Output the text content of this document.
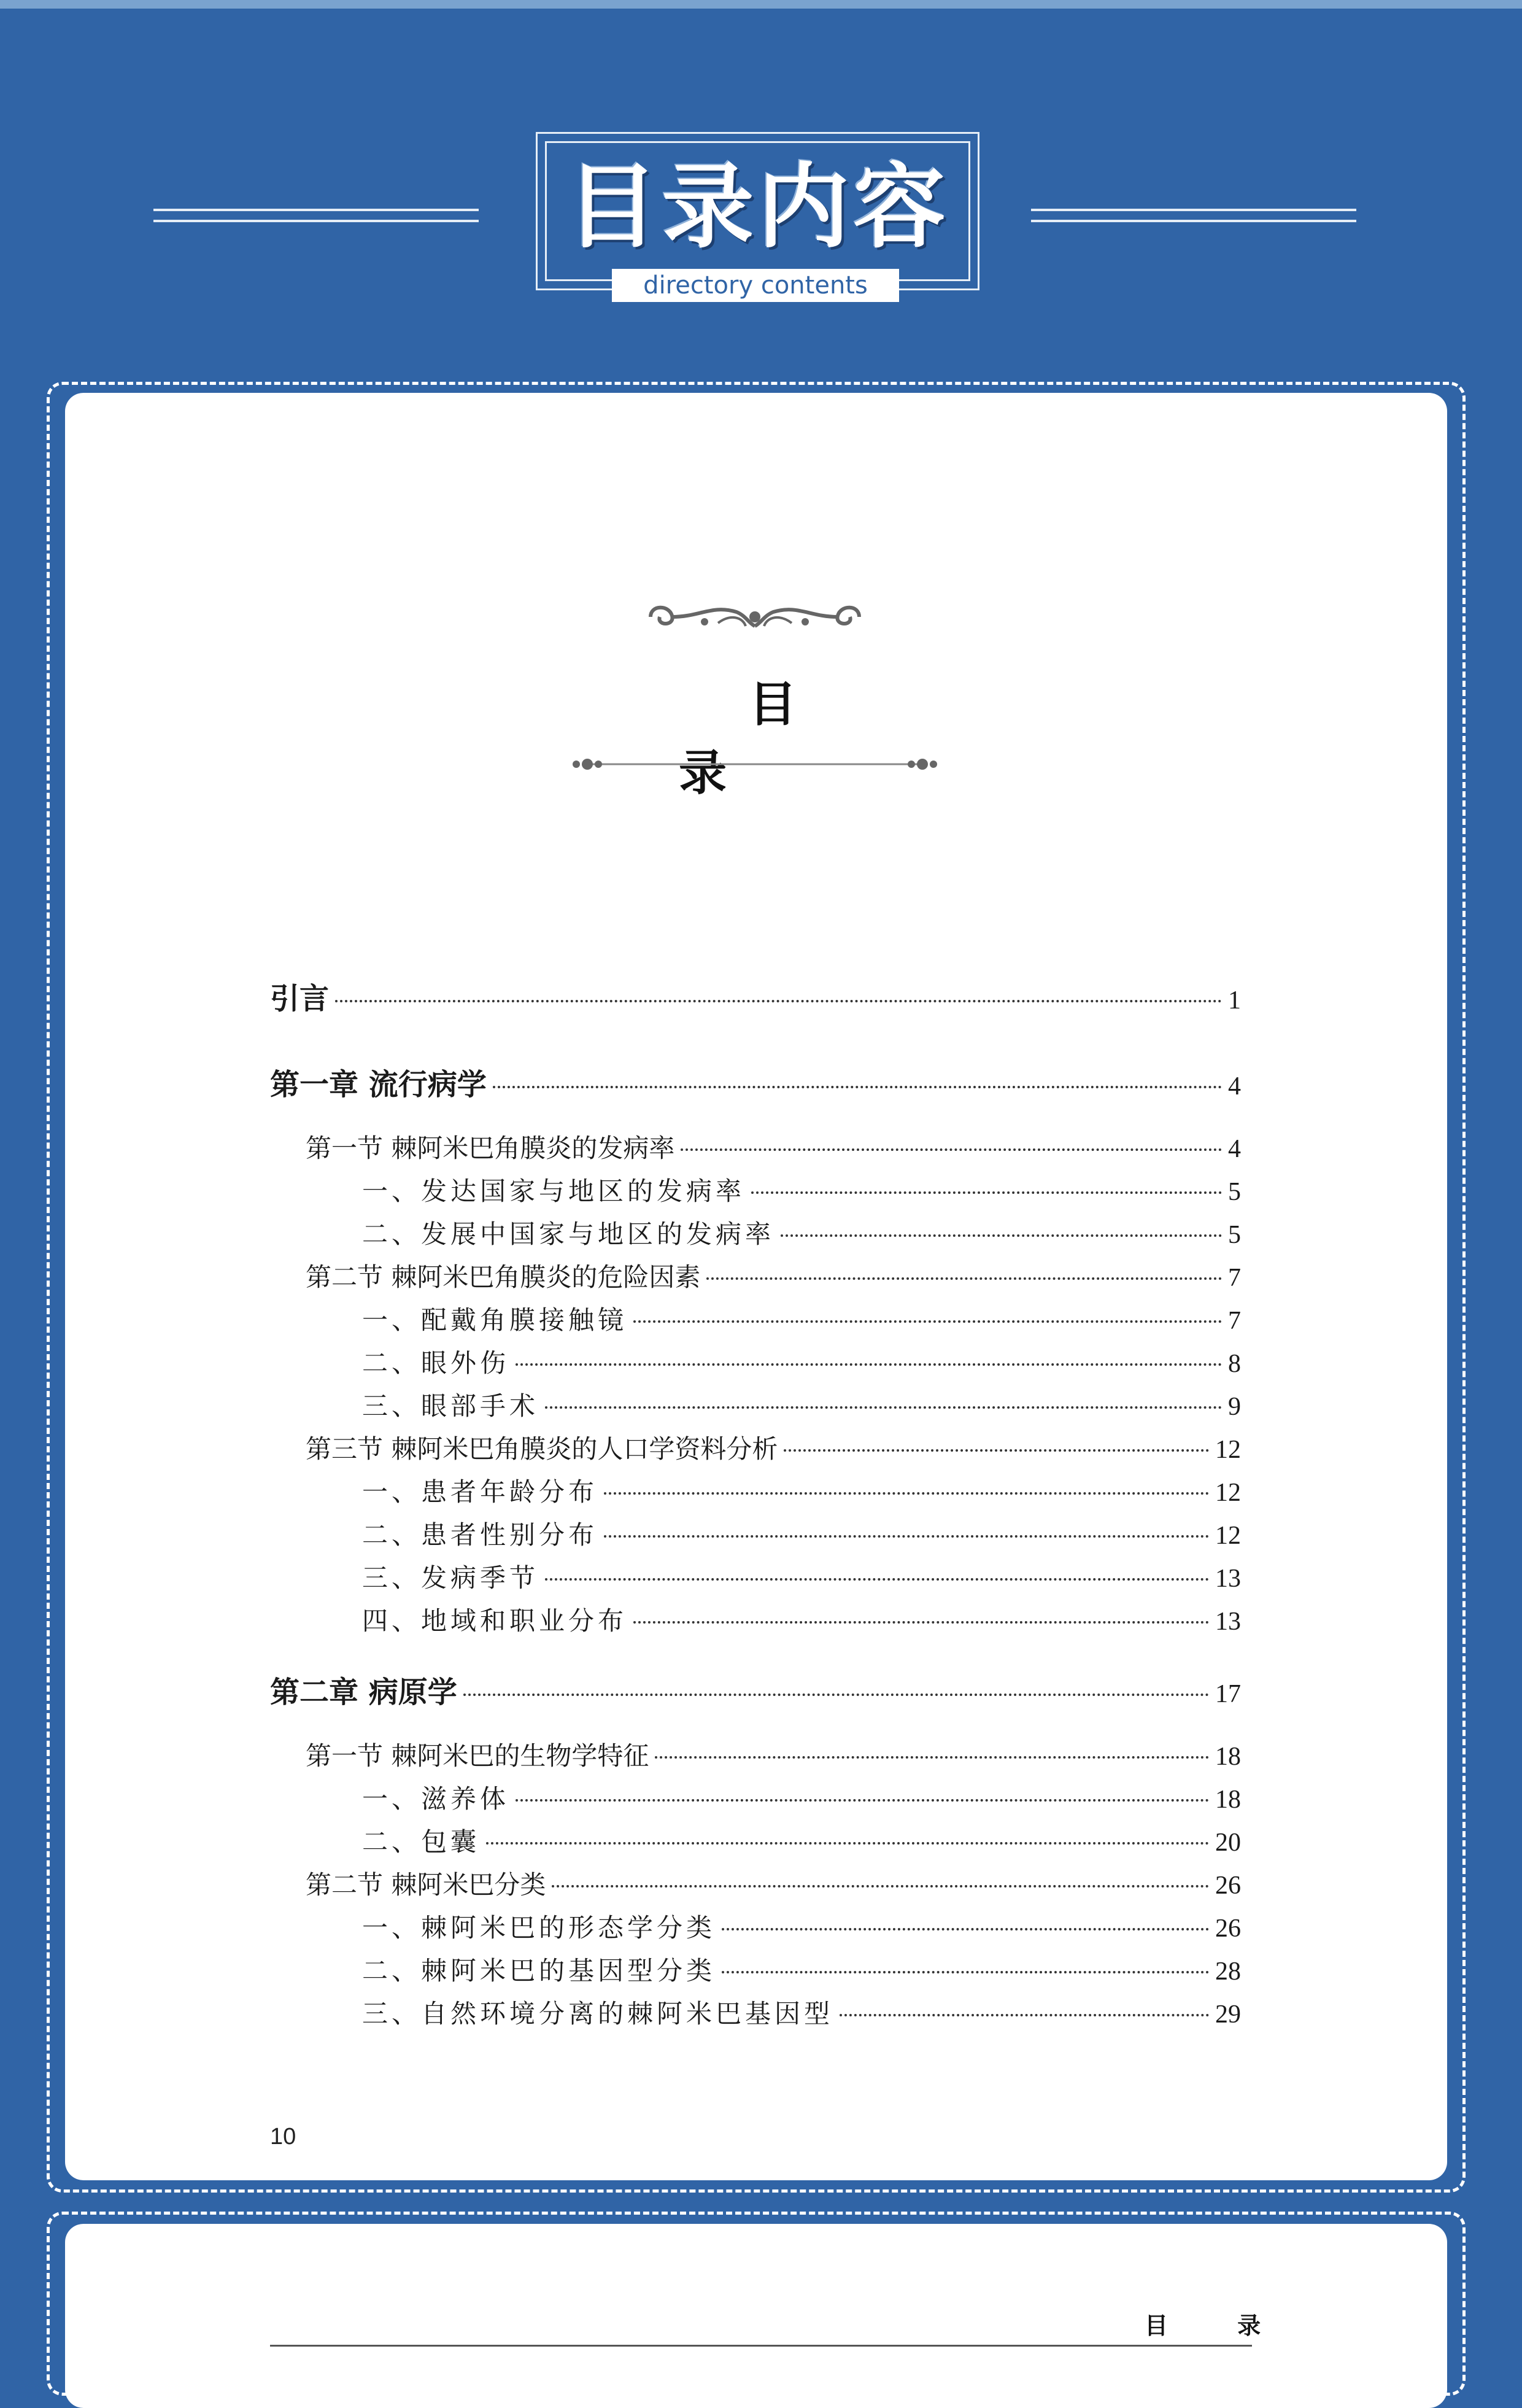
目录内容
directory contents
目 录
引言	1
第一章 流行病学	4
第一节 棘阿米巴角膜炎的发病率	4
一、发达国家与地区的发病率	5
二、发展中国家与地区的发病率	5
第二节 棘阿米巴角膜炎的危险因素	7
一、配戴角膜接触镜	7
二、眼外伤	8
三、眼部手术	9
第三节 棘阿米巴角膜炎的人口学资料分析	12
一、患者年龄分布	12
二、患者性别分布	12
三、发病季节	13
四、地域和职业分布	13
第二章 病原学	17
第一节 棘阿米巴的生物学特征	18
一、滋养体	18
二、包囊	20
第二节 棘阿米巴分类	26
一、棘阿米巴的形态学分类	26
二、棘阿米巴的基因型分类	28
三、自然环境分离的棘阿米巴基因型	29
10
目 录
